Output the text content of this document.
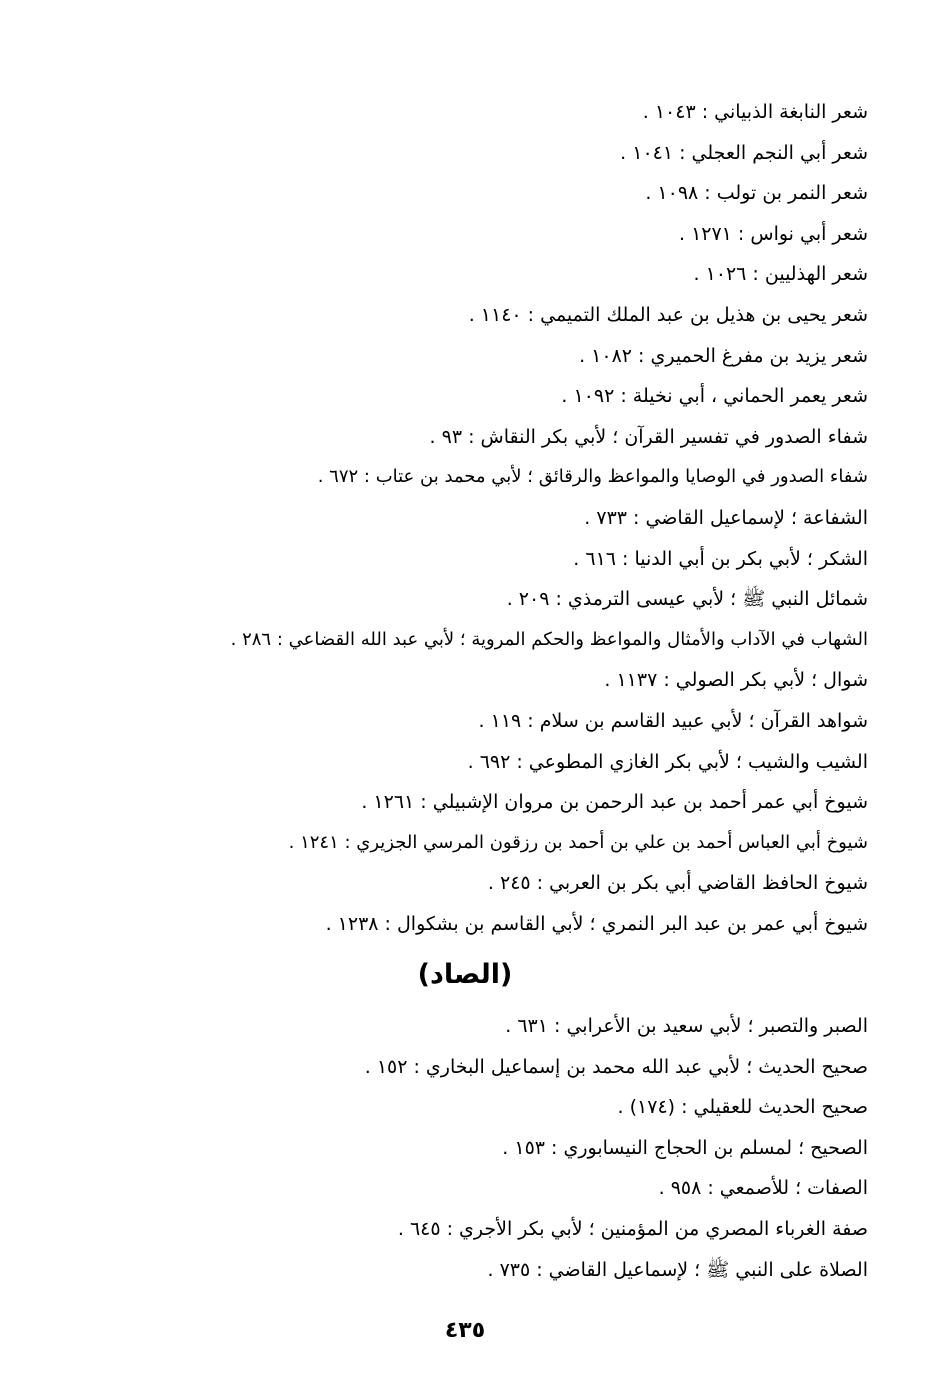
شعر النابغة الذبياني : ١٠٤٣ .
شعر أبي النجم العجلي : ١٠٤١ .
شعر النمر بن تولب : ١٠٩٨ .
شعر أبي نواس : ١٢٧١ .
شعر الهذليين : ١٠٢٦ .
شعر يحيى بن هذيل بن عبد الملك التميمي : ١١٤٠ .
شعر يزيد بن مفرغ الحميري : ١٠٨٢ .
شعر يعمر الحماني ، أبي نخيلة : ١٠٩٢ .
شفاء الصدور في تفسير القرآن ؛ لأبي بكر النقاش : ٩٣ .
شفاء الصدور في الوصايا والمواعظ والرقائق ؛ لأبي محمد بن عتاب : ٦٧٢ .
الشفاعة ؛ لإسماعيل القاضي : ٧٣٣ .
الشكر ؛ لأبي بكر بن أبي الدنيا : ٦١٦ .
شمائل النبي ﷺ ؛ لأبي عيسى الترمذي : ٢٠٩ .
الشهاب في الآداب والأمثال والمواعظ والحكم المروية ؛ لأبي عبد الله القضاعي : ٢٨٦ .
شوال ؛ لأبي بكر الصولي : ١١٣٧ .
شواهد القرآن ؛ لأبي عبيد القاسم بن سلام : ١١٩ .
الشيب والشيب ؛ لأبي بكر الغازي المطوعي : ٦٩٢ .
شيوخ أبي عمر أحمد بن عبد الرحمن بن مروان الإشبيلي : ١٢٦١ .
شيوخ أبي العباس أحمد بن علي بن أحمد بن رزقون المرسي الجزيري : ١٢٤١ .
شيوخ الحافظ القاضي أبي بكر بن العربي : ٢٤٥ .
شيوخ أبي عمر بن عبد البر النمري ؛ لأبي القاسم بن بشكوال : ١٢٣٨ .
(الصاد)
الصبر والتصبر ؛ لأبي سعيد بن الأعرابي : ٦٣١ .
صحيح الحديث ؛ لأبي عبد الله محمد بن إسماعيل البخاري : ١٥٢ .
صحيح الحديث للعقيلي : (١٧٤) .
الصحيح ؛ لمسلم بن الحجاج النيسابوري : ١٥٣ .
الصفات ؛ للأصمعي : ٩٥٨ .
صفة الغرباء المصري من المؤمنين ؛ لأبي بكر الأجري : ٦٤٥ .
الصلاة على النبي ﷺ ؛ لإسماعيل القاضي : ٧٣٥ .
٤٣٥
